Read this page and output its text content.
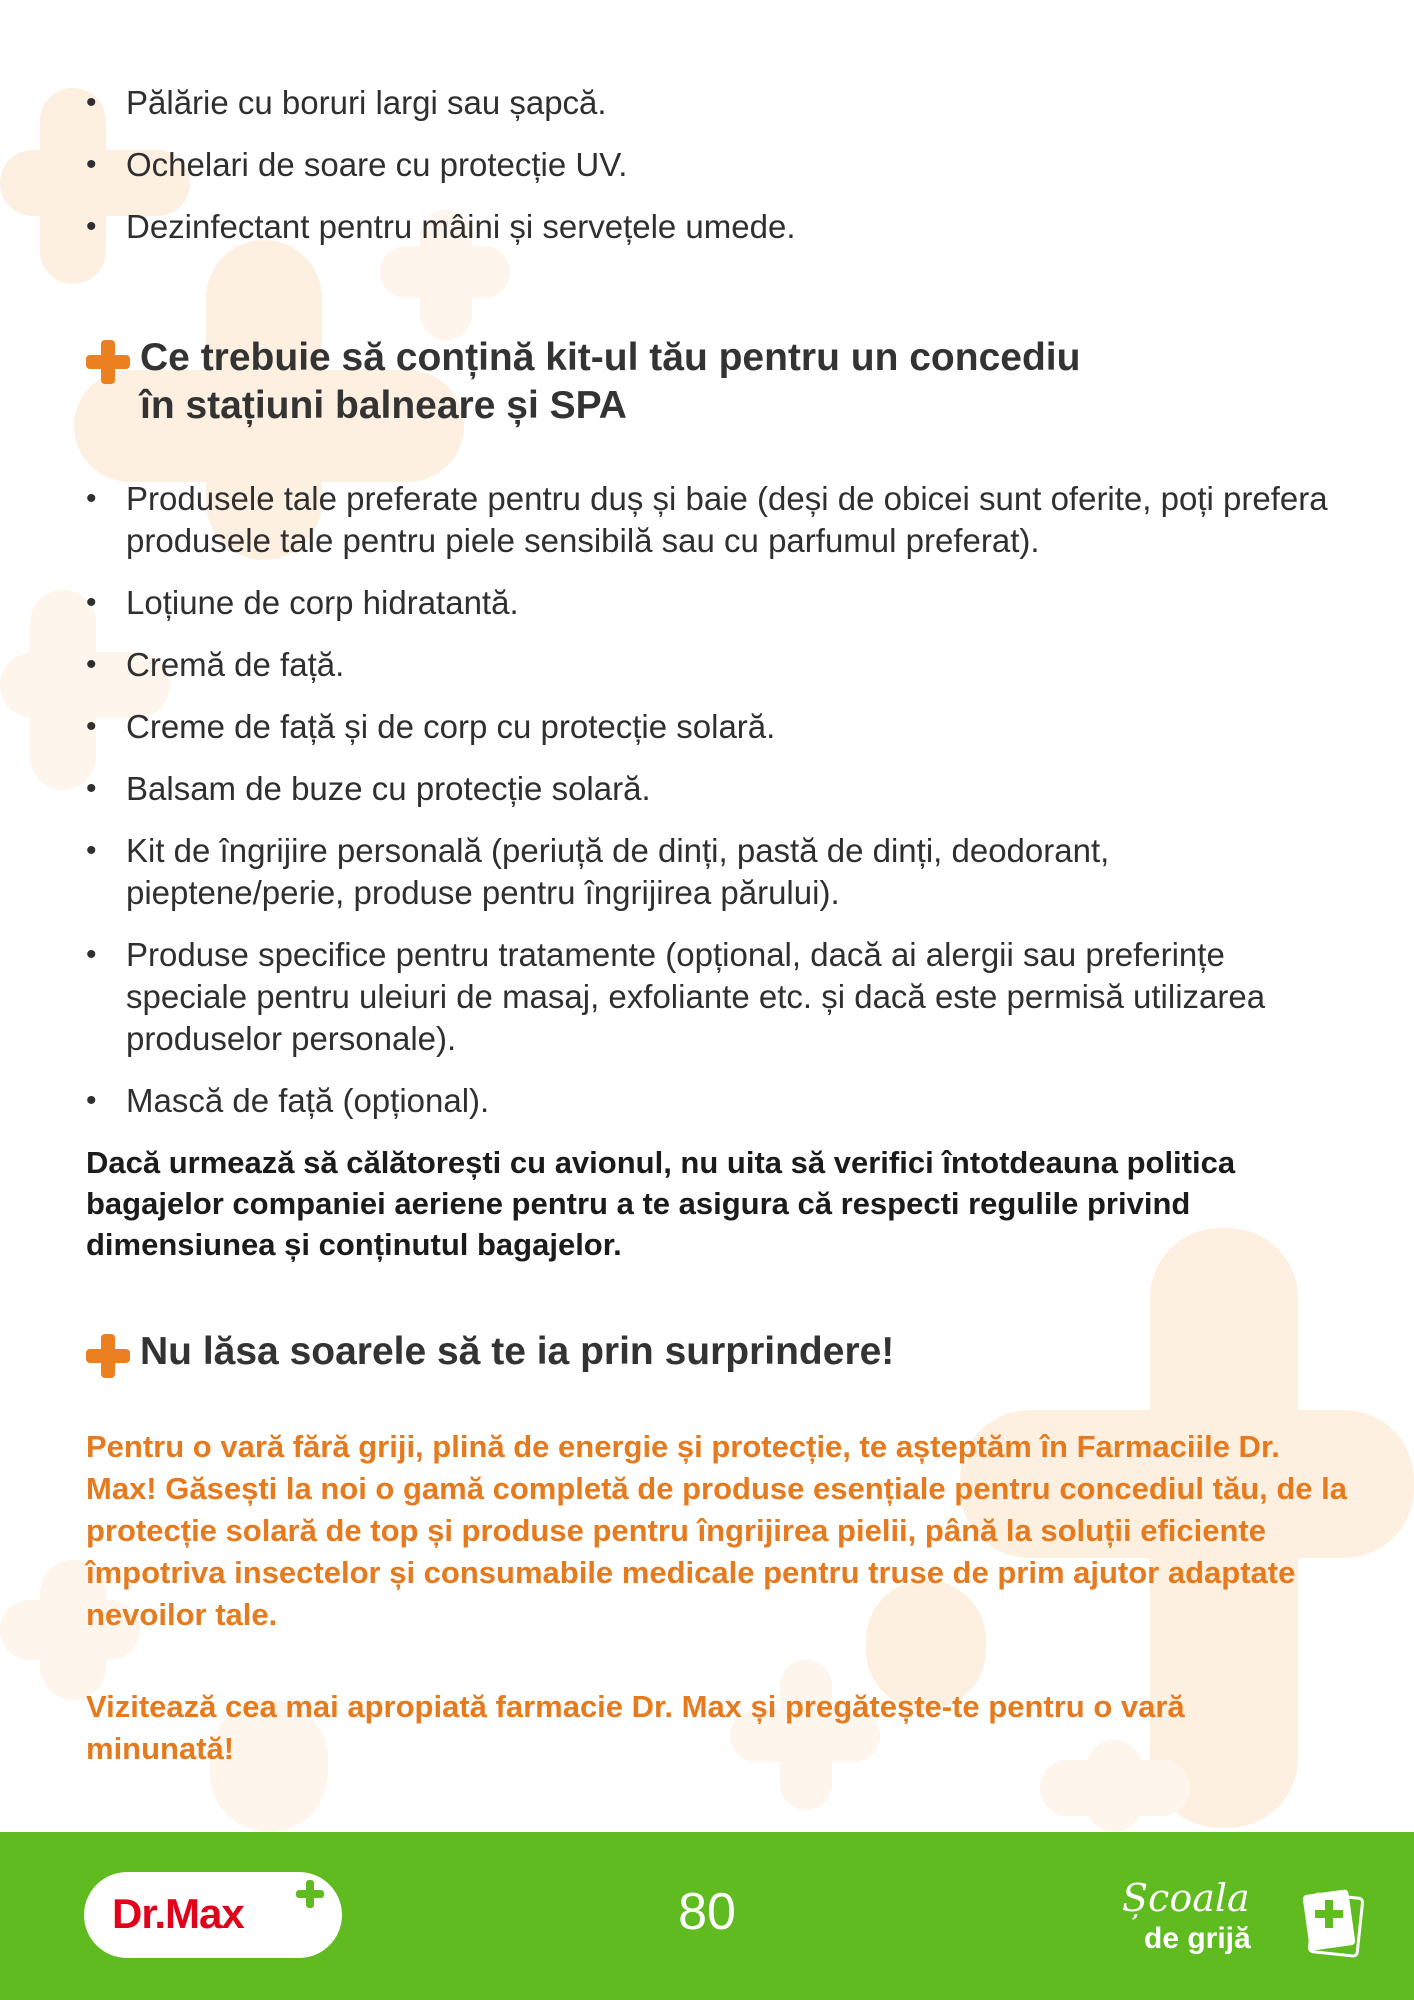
• Pălărie cu boruri largi sau șapcă.
• Ochelari de soare cu protecție UV.
• Dezinfectant pentru mâini și servețele umede.
Ce trebuie să conțină kit-ul tău pentru un concediu
în stațiuni balneare și SPA
• Produsele tale preferate pentru duș și baie (deși de obicei sunt oferite, poți prefera produsele tale pentru piele sensibilă sau cu parfumul preferat).
• Loțiune de corp hidratantă.
• Cremă de față.
• Creme de față și de corp cu protecție solară.
• Balsam de buze cu protecție solară.
• Kit de îngrijire personală (periuță de dinți, pastă de dinți, deodorant, pieptene/perie, produse pentru îngrijirea părului).
• Produse specifice pentru tratamente (opțional, dacă ai alergii sau preferințe speciale pentru uleiuri de masaj, exfoliante etc. și dacă este permisă utilizarea produselor personale).
• Mască de față (opțional).
Dacă urmează să călătorești cu avionul, nu uita să verifici întotdeauna politica bagajelor companiei aeriene pentru a te asigura că respecti regulile privind dimensiunea și conținutul bagajelor.
Nu lăsa soarele să te ia prin surprindere!
Pentru o vară fără griji, plină de energie și protecție, te așteptăm în Farmaciile Dr. Max! Găsești la noi o gamă completă de produse esențiale pentru concediul tău, de la protecție solară de top și produse pentru îngrijirea pielii, până la soluții eficiente împotriva insectelor și consumabile medicale pentru truse de prim ajutor adaptate nevoilor tale.
Vizitează cea mai apropiată farmacie Dr. Max și pregătește-te pentru o vară minunată!
Dr.Max	80	Școala
de grijă
